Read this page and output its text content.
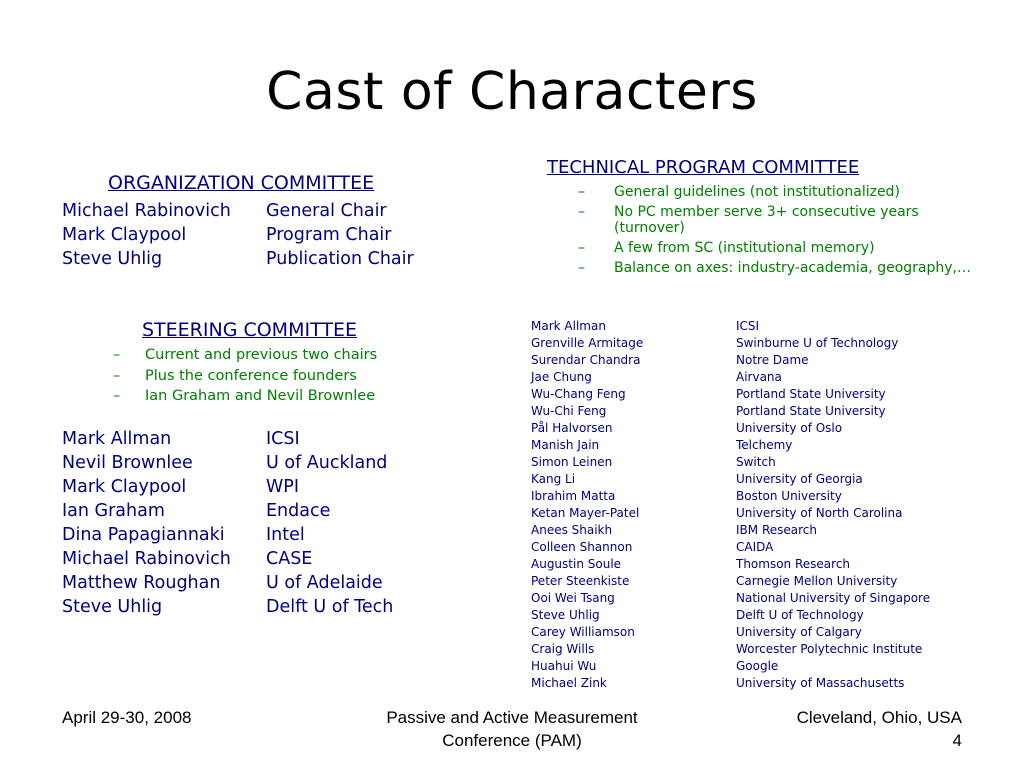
Cast of Characters
ORGANIZATION COMMITTEE
Michael Rabinovich	General Chair
Mark Claypool	Program Chair
Steve Uhlig	Publication Chair
STEERING COMMITTEE
– Current and previous two chairs
– Plus the conference founders
– Ian Graham and Nevil Brownlee
Mark Allman	ICSI
Nevil Brownlee	U of Auckland
Mark Claypool	WPI
Ian Graham	Endace
Dina Papagiannaki	Intel
Michael Rabinovich	CASE
Matthew Roughan	U of Adelaide
Steve Uhlig	Delft U of Tech
TECHNICAL PROGRAM COMMITTEE
– General guidelines (not institutionalized)
– No PC member serve 3+ consecutive years (turnover)
– A few from SC (institutional memory)
– Balance on axes: industry-academia, geography,…
Mark Allman	ICSI
Grenville Armitage	Swinburne U of Technology
Surendar Chandra	Notre Dame
Jae Chung	Airvana
Wu-Chang Feng	Portland State University
Wu-Chi Feng	Portland State University
Pål Halvorsen	University of Oslo
Manish Jain	Telchemy
Simon Leinen	Switch
Kang Li	University of Georgia
Ibrahim Matta	Boston University
Ketan Mayer-Patel	University of North Carolina
Anees Shaikh	IBM Research
Colleen Shannon	CAIDA
Augustin Soule	Thomson Research
Peter Steenkiste	Carnegie Mellon University
Ooi Wei Tsang	National University of Singapore
Steve Uhlig	Delft U of Technology
Carey Williamson	University of Calgary
Craig Wills	Worcester Polytechnic Institute
Huahui Wu	Google
Michael Zink	University of Massachusetts
April 29-30, 2008	Passive and Active Measurement
Conference (PAM)
Cleveland, Ohio, USA
4
